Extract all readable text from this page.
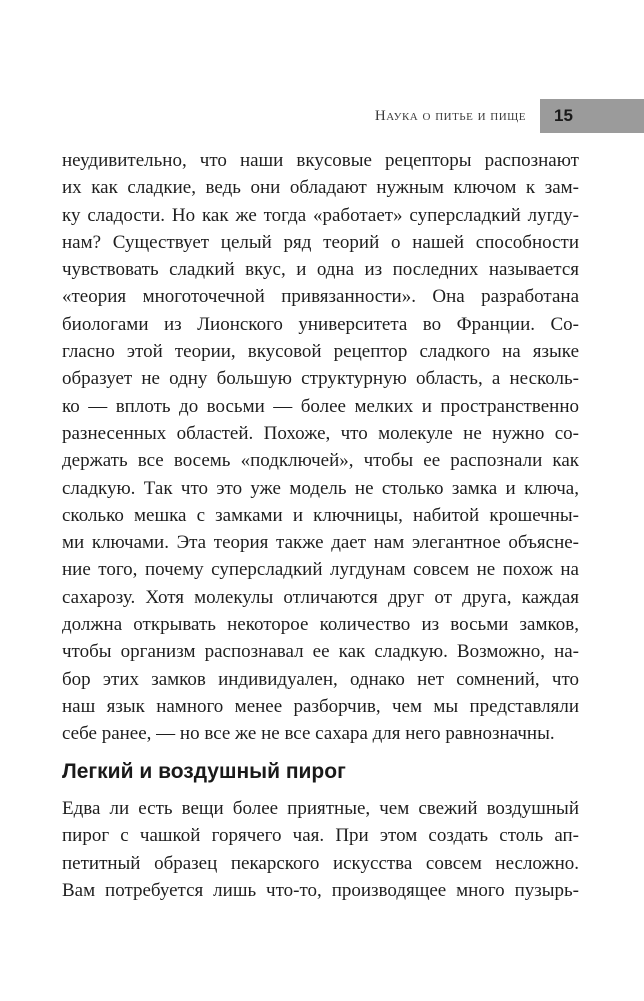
Наука о питье и пище 15
неудивительно, что наши вкусовые рецепторы распознают
их как сладкие, ведь они обладают нужным ключом к зам-
ку сладости. Но как же тогда «работает» суперсладкий лугду-
нам? Существует целый ряд теорий о нашей способности
чувствовать сладкий вкус, и одна из последних называется
«теория многоточечной привязанности». Она разработана
биологами из Лионского университета во Франции. Со-
гласно этой теории, вкусовой рецептор сладкого на языке
образует не одну большую структурную область, а несколь-
ко — вплоть до восьми — более мелких и пространственно
разнесенных областей. Похоже, что молекуле не нужно со-
держать все восемь «подключей», чтобы ее распознали как
сладкую. Так что это уже модель не столько замка и ключа,
сколько мешка с замками и ключницы, набитой крошечны-
ми ключами. Эта теория также дает нам элегантное объясне-
ние того, почему суперсладкий лугдунам совсем не похож на
сахарозу. Хотя молекулы отличаются друг от друга, каждая
должна открывать некоторое количество из восьми замков,
чтобы организм распознавал ее как сладкую. Возможно, на-
бор этих замков индивидуален, однако нет сомнений, что
наш язык намного менее разборчив, чем мы представляли
себе ранее, — но все же не все сахара для него равнозначны.
Легкий и воздушный пирог
Едва ли есть вещи более приятные, чем свежий воздушный
пирог с чашкой горячего чая. При этом создать столь ап-
петитный образец пекарского искусства совсем несложно.
Вам потребуется лишь что-то, производящее много пузырь-
